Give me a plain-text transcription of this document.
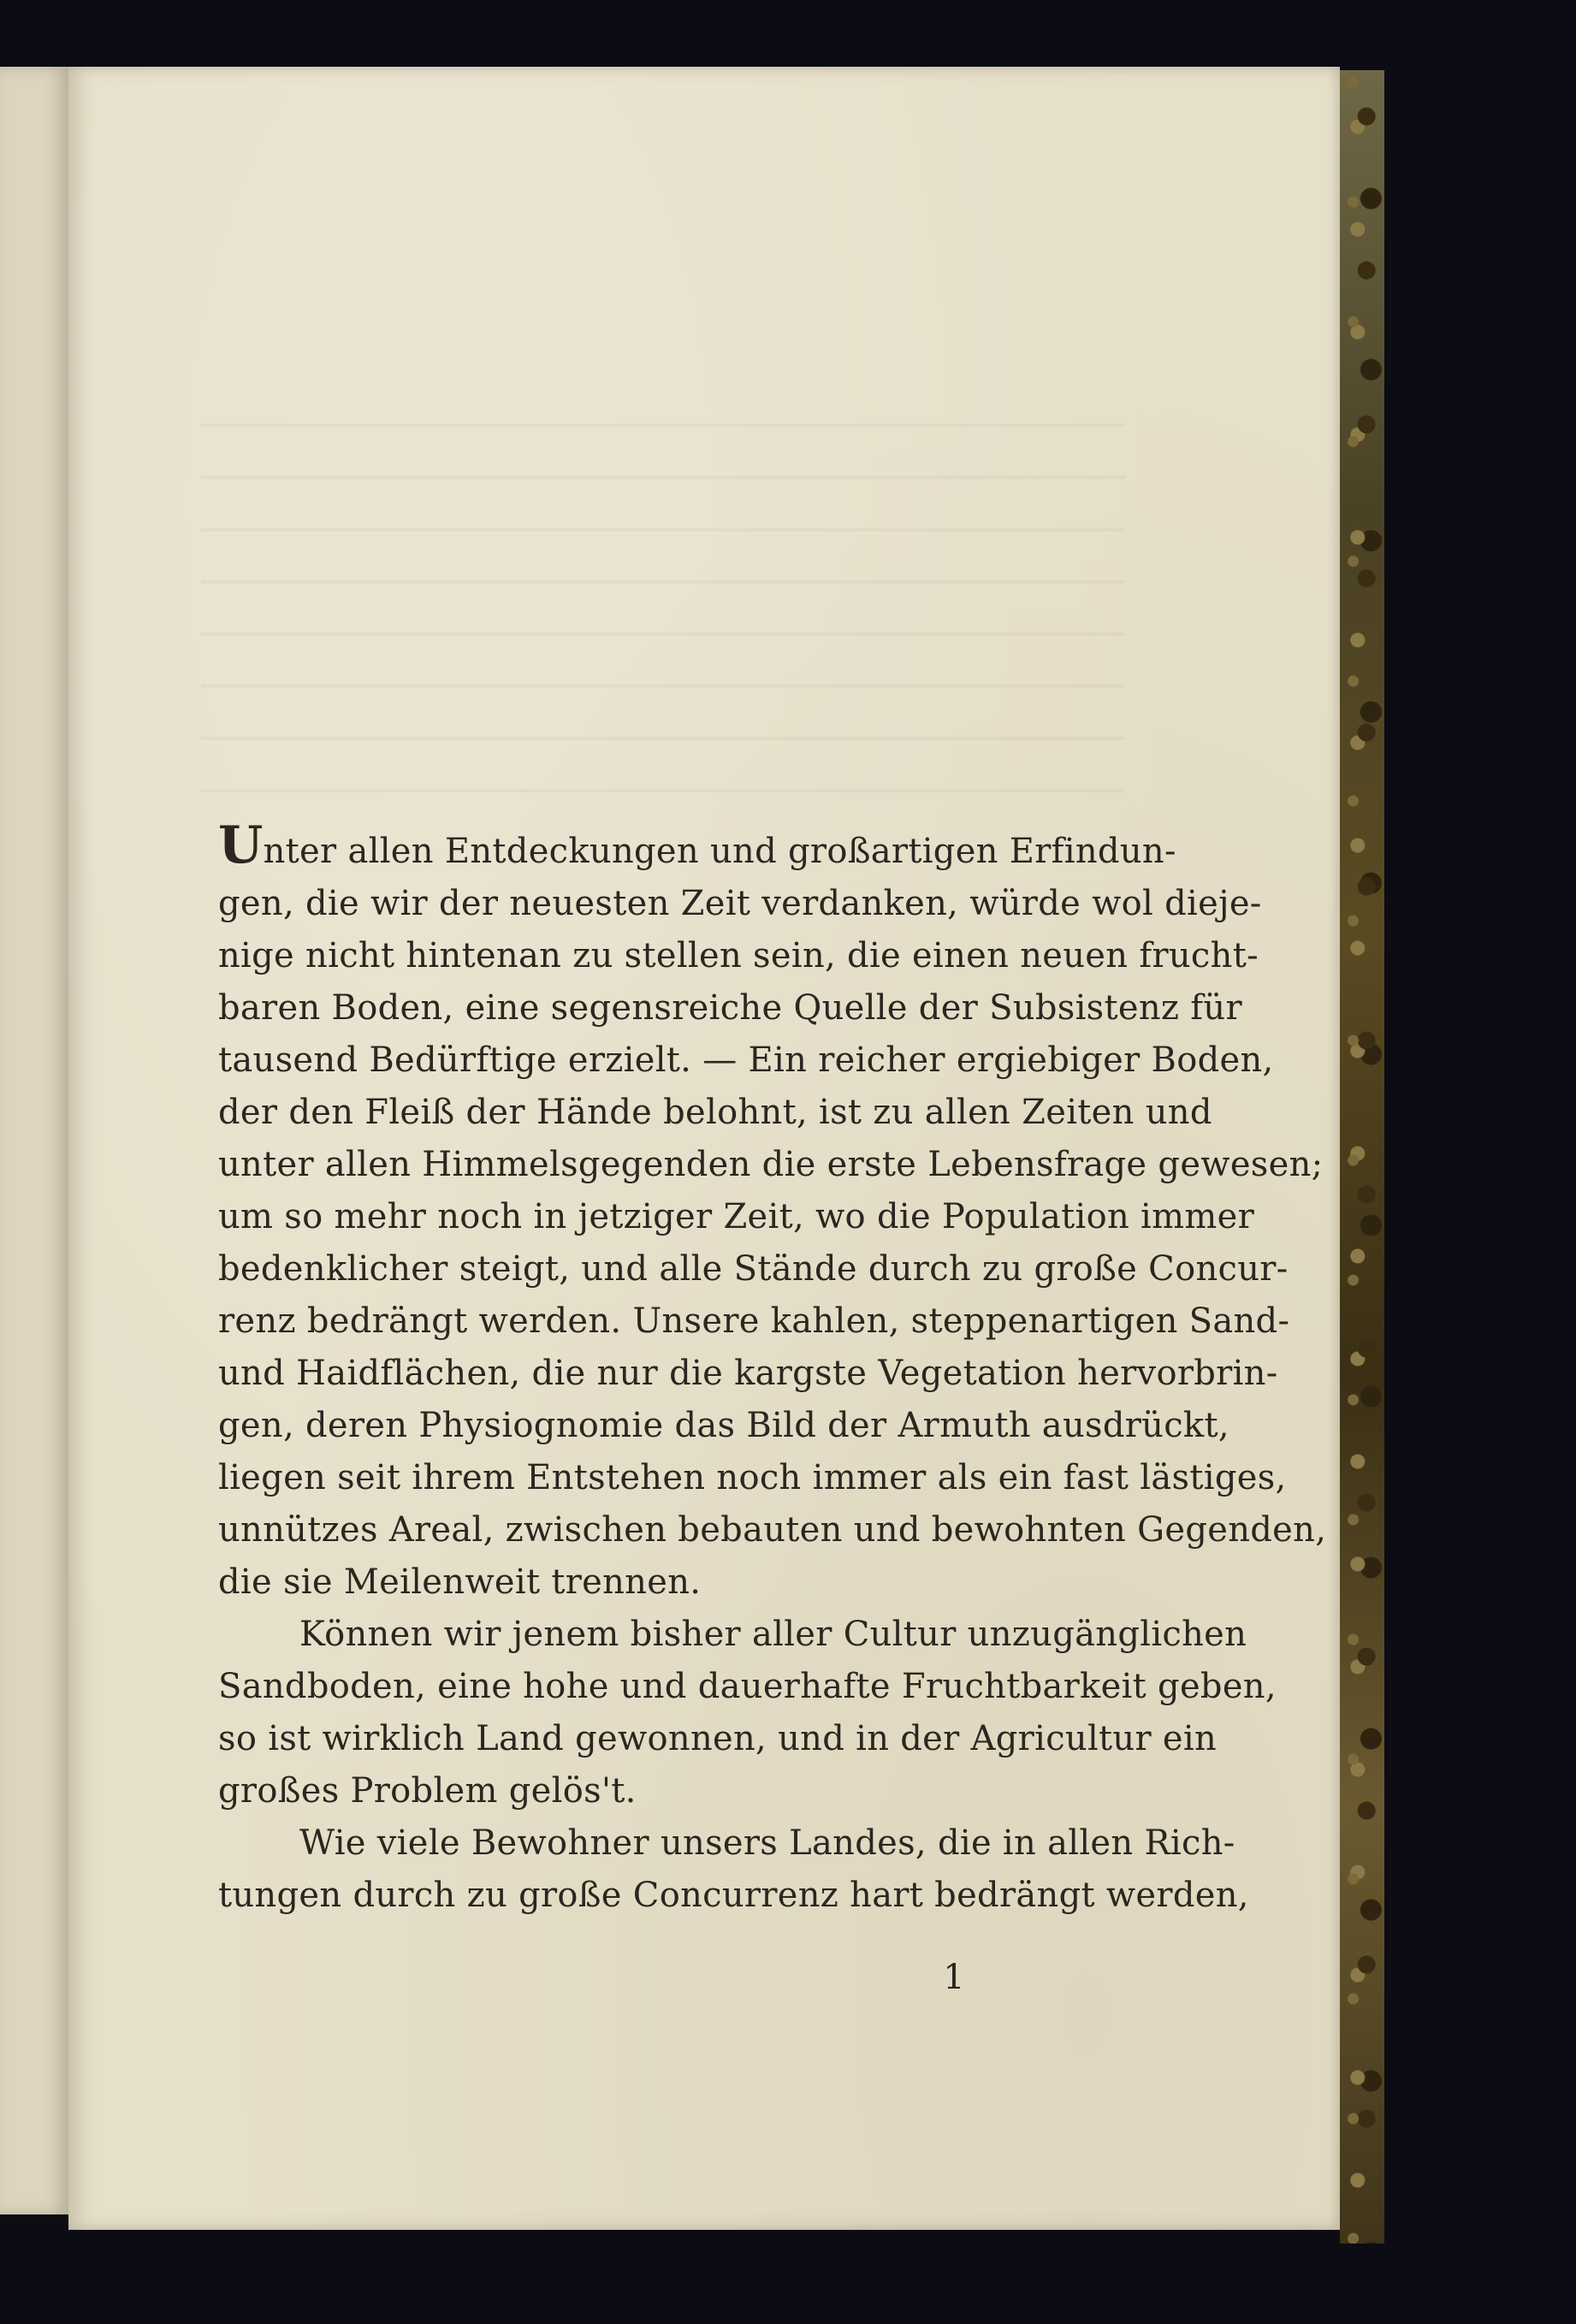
Unter allen Entdeckungen und großartigen Erfindun-
gen, die wir der neuesten Zeit verdanken, würde wol dieje-
nige nicht hintenan zu stellen sein, die einen neuen frucht-
baren Boden, eine segensreiche Quelle der Subsistenz für
tausend Bedürftige erzielt. — Ein reicher ergiebiger Boden,
der den Fleiß der Hände belohnt, ist zu allen Zeiten und
unter allen Himmelsgegenden die erste Lebensfrage gewesen;
um so mehr noch in jetziger Zeit, wo die Population immer
bedenklicher steigt, und alle Stände durch zu große Concur-
renz bedrängt werden. Unsere kahlen, steppenartigen Sand-
und Haidflächen, die nur die kargste Vegetation hervorbrin-
gen, deren Physiognomie das Bild der Armuth ausdrückt,
liegen seit ihrem Entstehen noch immer als ein fast lästiges,
unnützes Areal, zwischen bebauten und bewohnten Gegenden,
die sie Meilenweit trennen.
Können wir jenem bisher aller Cultur unzugänglichen
Sandboden, eine hohe und dauerhafte Fruchtbarkeit geben,
so ist wirklich Land gewonnen, und in der Agricultur ein
großes Problem gelös't.
Wie viele Bewohner unsers Landes, die in allen Rich-
tungen durch zu große Concurrenz hart bedrängt werden,
1
